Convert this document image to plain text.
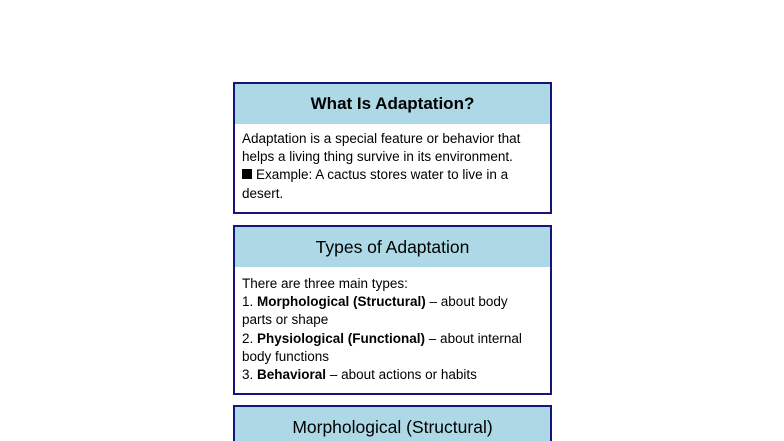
What Is Adaptation?
Adaptation is a special feature or behavior that
helps a living thing survive in its environment.
Example: A cactus stores water to live in a
desert.
Types of Adaptation
There are three main types:
1. Morphological (Structural) – about body
parts or shape
2. Physiological (Functional) – about internal
body functions
3. Behavioral – about actions or habits
Morphological (Structural)
